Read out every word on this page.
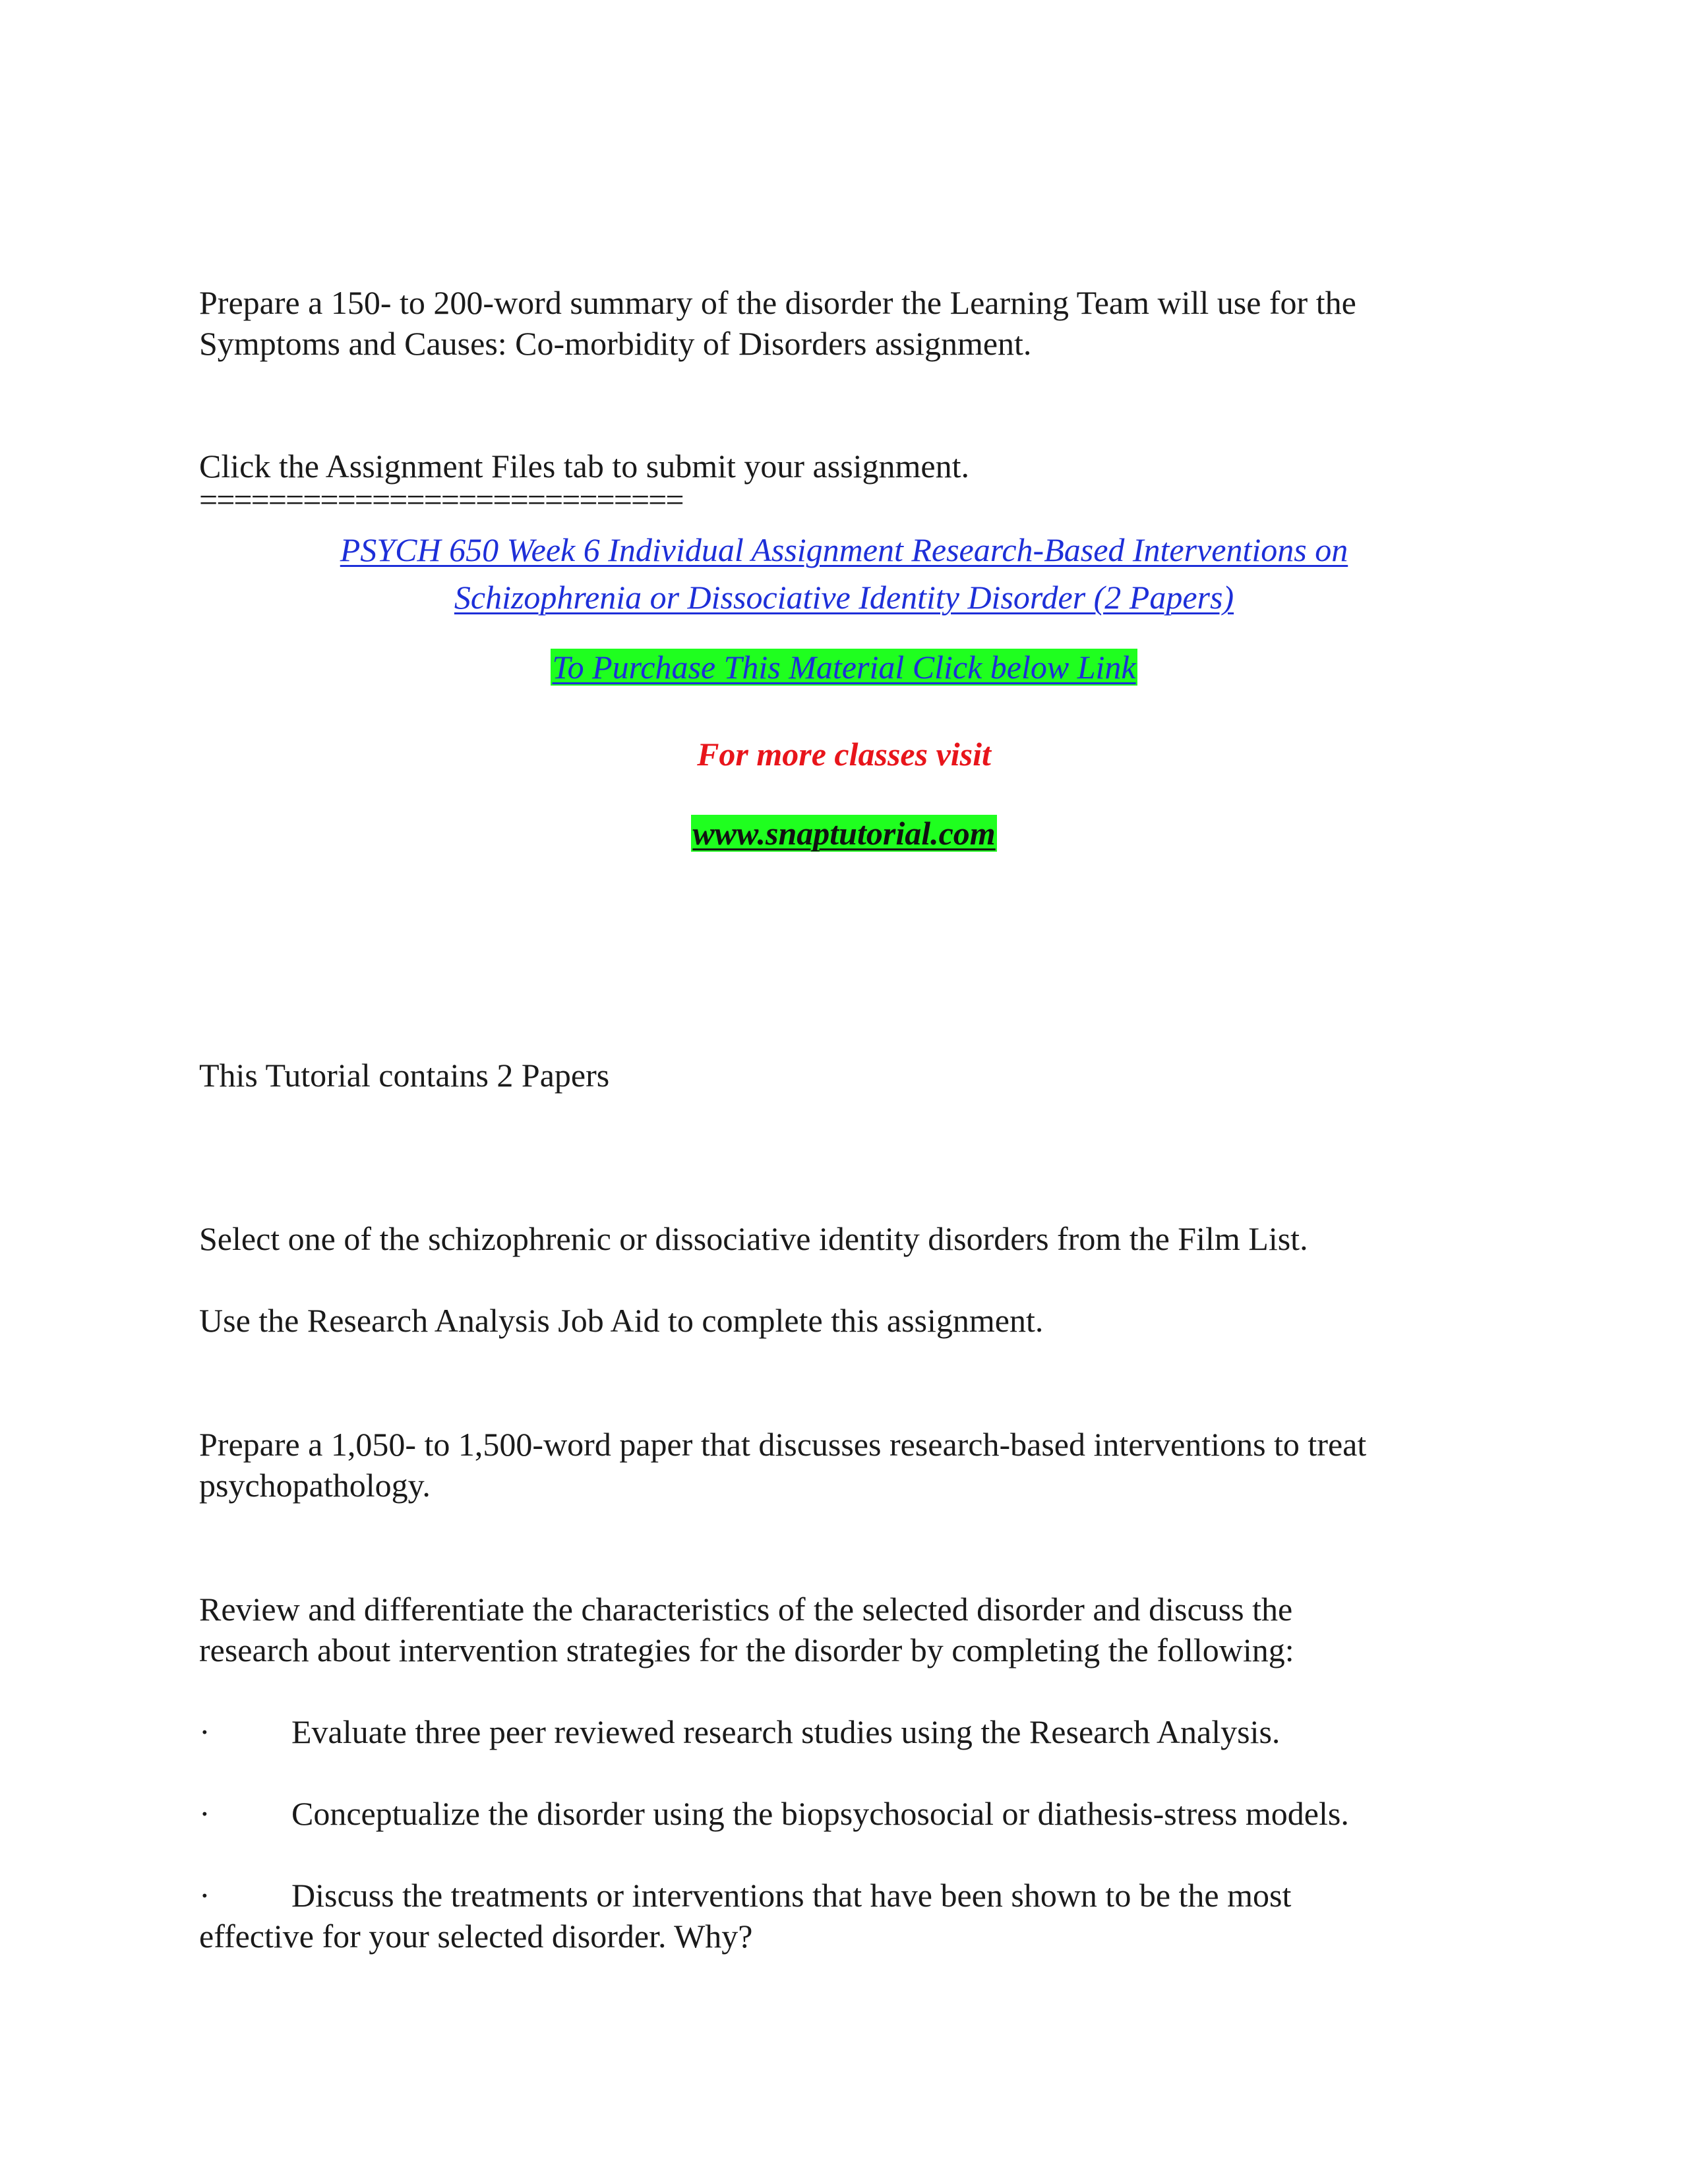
Prepare a 150- to 200-word summary of the disorder the Learning Team will use for the
Symptoms and Causes: Co-morbidity of Disorders assignment.

Click the Assignment Files tab to submit your assignment.

============================

PSYCH 650 Week 6 Individual Assignment Research-Based Interventions on
Schizophrenia or Dissociative Identity Disorder (2 Papers)

To Purchase This Material Click below Link

For more classes visit

www.snaptutorial.com

This Tutorial contains 2 Papers

Select one of the schizophrenic or dissociative identity disorders from the Film List.

Use the Research Analysis Job Aid to complete this assignment.

Prepare a 1,050- to 1,500-word paper that discusses research-based interventions to treat
psychopathology.

Review and differentiate the characteristics of the selected disorder and discuss the
research about intervention strategies for the disorder by completing the following:

· Evaluate three peer reviewed research studies using the Research Analysis.

· Conceptualize the disorder using the biopsychosocial or diathesis-stress models.

· Discuss the treatments or interventions that have been shown to be the most
effective for your selected disorder. Why?
